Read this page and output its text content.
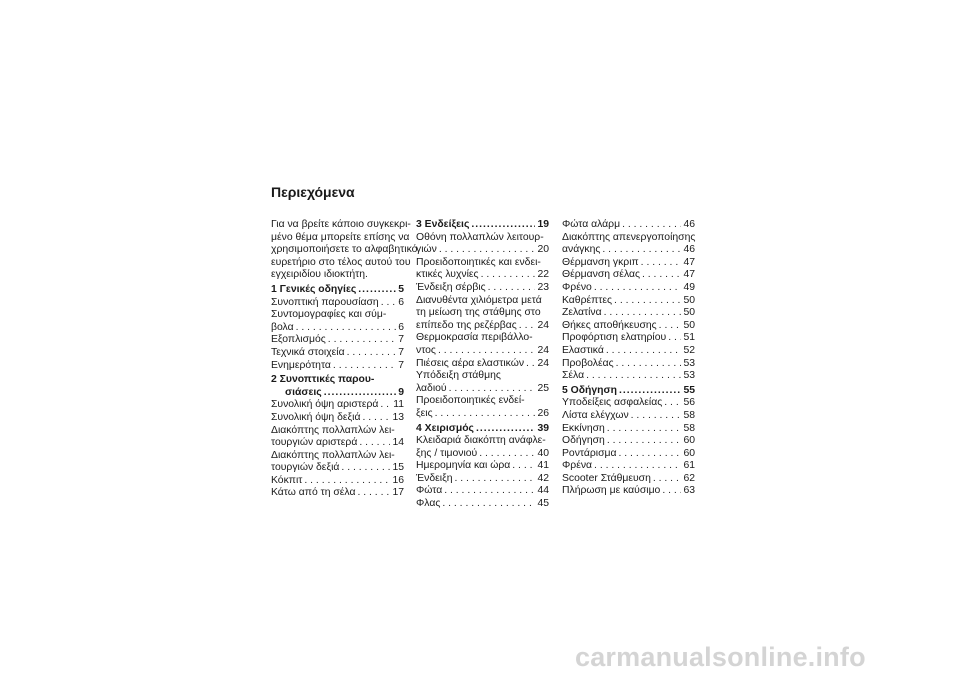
Περιεχόμενα
Για να βρείτε κάποιο συγκεκρι-
μένο θέμα μπορείτε επίσης να
χρησιμοποιήσετε το αλφαβητικό
ευρετήριο στο τέλος αυτού του
εγχειριδίου ιδιοκτήτη.
1 Γενικές οδηγίες .....	5
Συνοπτική παρουσίαση . . . 6
Συντομογραφίες και σύμ-
βολα . . .	6
Εξοπλισμός . . .	7
Τεχνικά στοιχεία . . .	7
Ενημερότητα . . .	7
2 Συνοπτικές παρου-
σιάσεις .....	9
Συνολική όψη αριστερά . . . 11
Συνολική όψη δεξιά . . .	13
Διακόπτης πολλαπλών λει-
τουργιών αριστερά . . .	14
Διακόπτης πολλαπλών λει-
τουργιών δεξιά . . .	15
Κόκπιτ . . .	16
Κάτω από τη σέλα . . .	17
3 Ενδείξεις .....	19
Οθόνη πολλαπλών λειτουρ-
γιών . . .	20
Προειδοποιητικές και ενδει-
κτικές λυχνίες . . .	22
Ένδειξη σέρβις . . .	23
Διανυθέντα χιλιόμετρα μετά
τη μείωση της στάθμης στο
επίπεδο της ρεζέρβας . . . 24
Θερμοκρασία περιβάλλο-
ντος . . .	24
Πιέσεις αέρα ελαστικών . . . 24
Υπόδειξη στάθμης
λαδιού . . .	25
Προειδοποιητικές ενδεί-
ξεις . . .	26
4 Χειρισμός .....	39
Κλειδαριά διακόπτη ανάφλε-
ξης / τιμονιού . . .	40
Ημερομηνία και ώρα . . .	41
Ένδειξη . . .	42
Φώτα . . .	44
Φλας . . .	45
Φώτα αλάρμ . . .	46
Διακόπτης απενεργοποίησης
ανάγκης . . .	46
Θέρμανση γκριπ . . .	47
Θέρμανση σέλας . . .	47
Φρένο . . .	49
Καθρέπτες . . .	50
Ζελατίνα . . .	50
Θήκες αποθήκευσης . . .	50
Προφόρτιση ελατηρίου . . . 51
Ελαστικά . . .	52
Προβολέας . . .	53
Σέλα . . .	53
5 Οδήγηση .....	55
Υποδείξεις ασφαλείας . . . 56
Λίστα ελέγχων . . .	58
Εκκίνηση . . .	58
Οδήγηση . . .	60
Ροντάρισμα . . .	60
Φρένα . . .	61
Scooter Στάθμευση . . .	62
Πλήρωση με καύσιμο . . . 63

carmanualsonline.info
